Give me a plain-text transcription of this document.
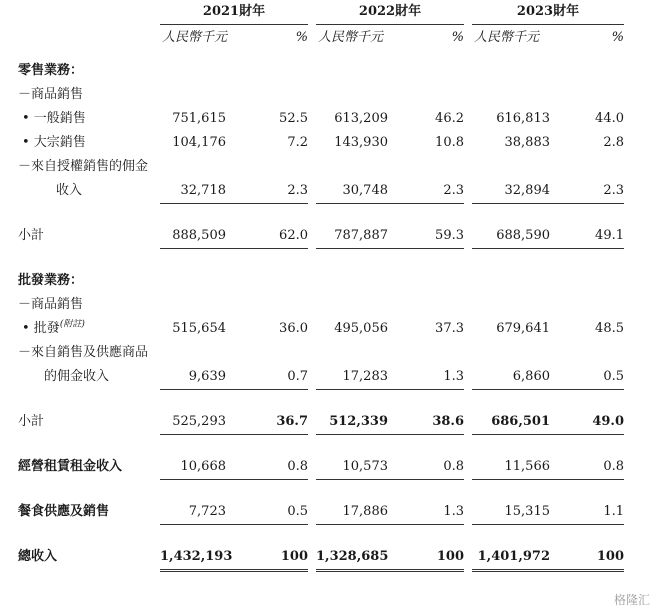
	2021財年			2022財年			2023財年		
	人民幣千元	%		人民幣千元	%		人民幣千元	%	

零售業務：									
－商品銷售									
• 一般銷售	751,615	52.5		613,209	46.2		616,813	44.0	
• 大宗銷售	104,176	7.2		143,930	10.8		38,883	2.8	
－來自授權銷售的佣金									
收入	32,718	2.3		30,748	2.3		32,894	2.3	

小計	888,509	62.0		787,887	59.3		688,590	49.1	

批發業務：									
－商品銷售									
• 批發$^{(附註)}$	515,654	36.0		495,056	37.3		679,641	48.5	
－來自銷售及供應商品									
的佣金收入	9,639	0.7		17,283	1.3		6,860	0.5	

小計	525,293	36.7		512,339	38.6		686,501	49.0	

經營租賃租金收入	10,668	0.8		10,573	0.8		11,566	0.8	

餐食供應及銷售	7,723	0.5		17,886	1.3		15,315	1.1	

總收入	1,432,193	100		1,328,685	100		1,401,972	100	
格隆汇
